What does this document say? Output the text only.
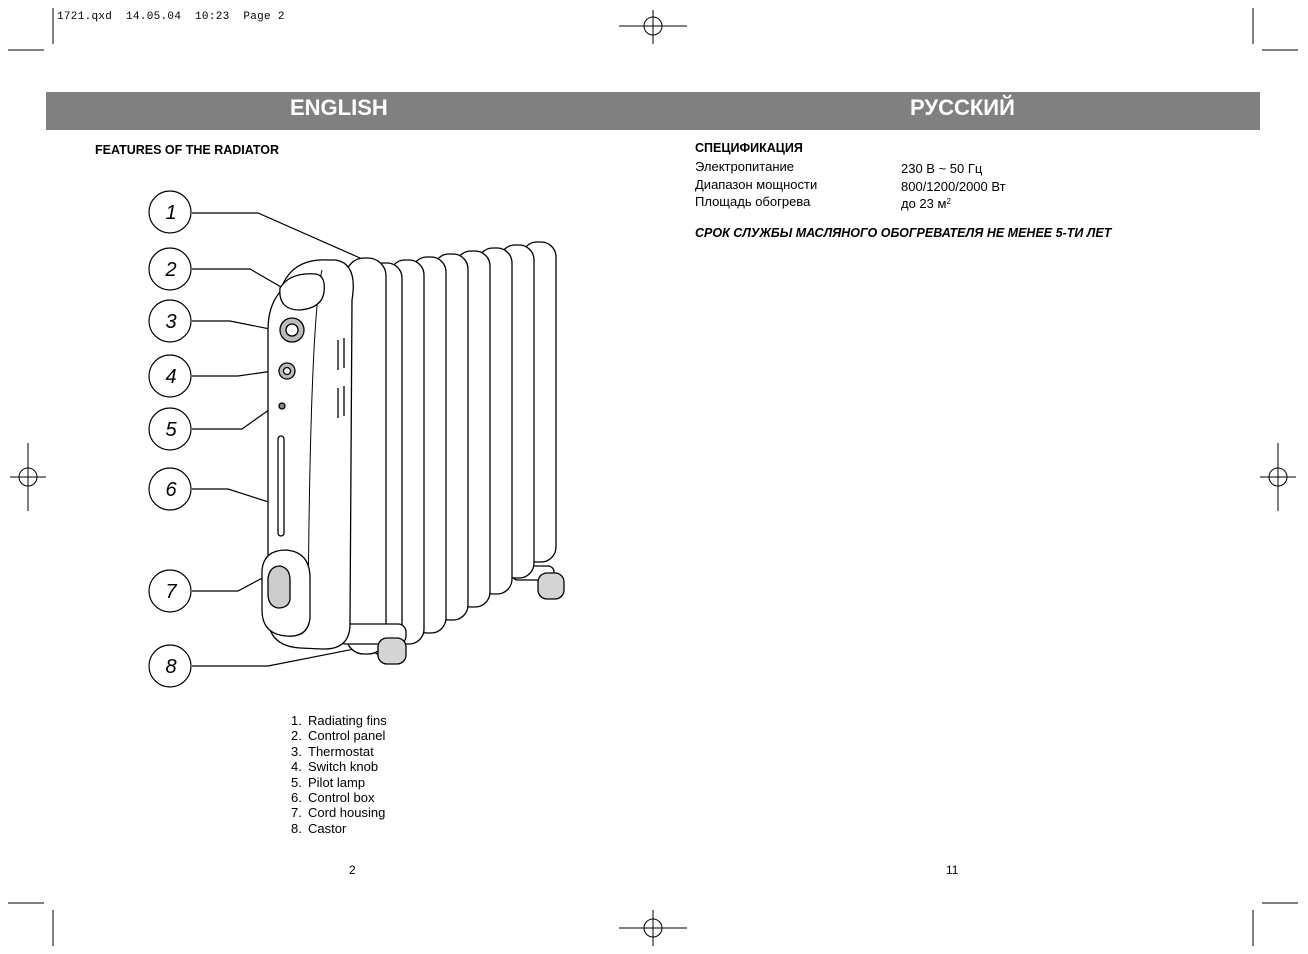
1721.qxd  14.05.04  10:23  Page 2
ENGLISH	РУССКИЙ
FEATURES OF THE RADIATOR
1
2
3
4
5
6
7
8
1. Radiating fins
2. Control panel
3. Thermostat
4. Switch knob
5. Pilot lamp
6. Control box
7. Cord housing
8. Castor
2
СПЕЦИФИКАЦИЯ
Электропитание	230 В ~ 50 Гц
Диапазон мощности	800/1200/2000 Вт
Площадь обогрева	до 23 $м^2$
СРОК СЛУЖБЫ МАСЛЯНОГО ОБОГРЕВАТЕЛЯ НЕ МЕНЕЕ 5-ТИ ЛЕТ
11
